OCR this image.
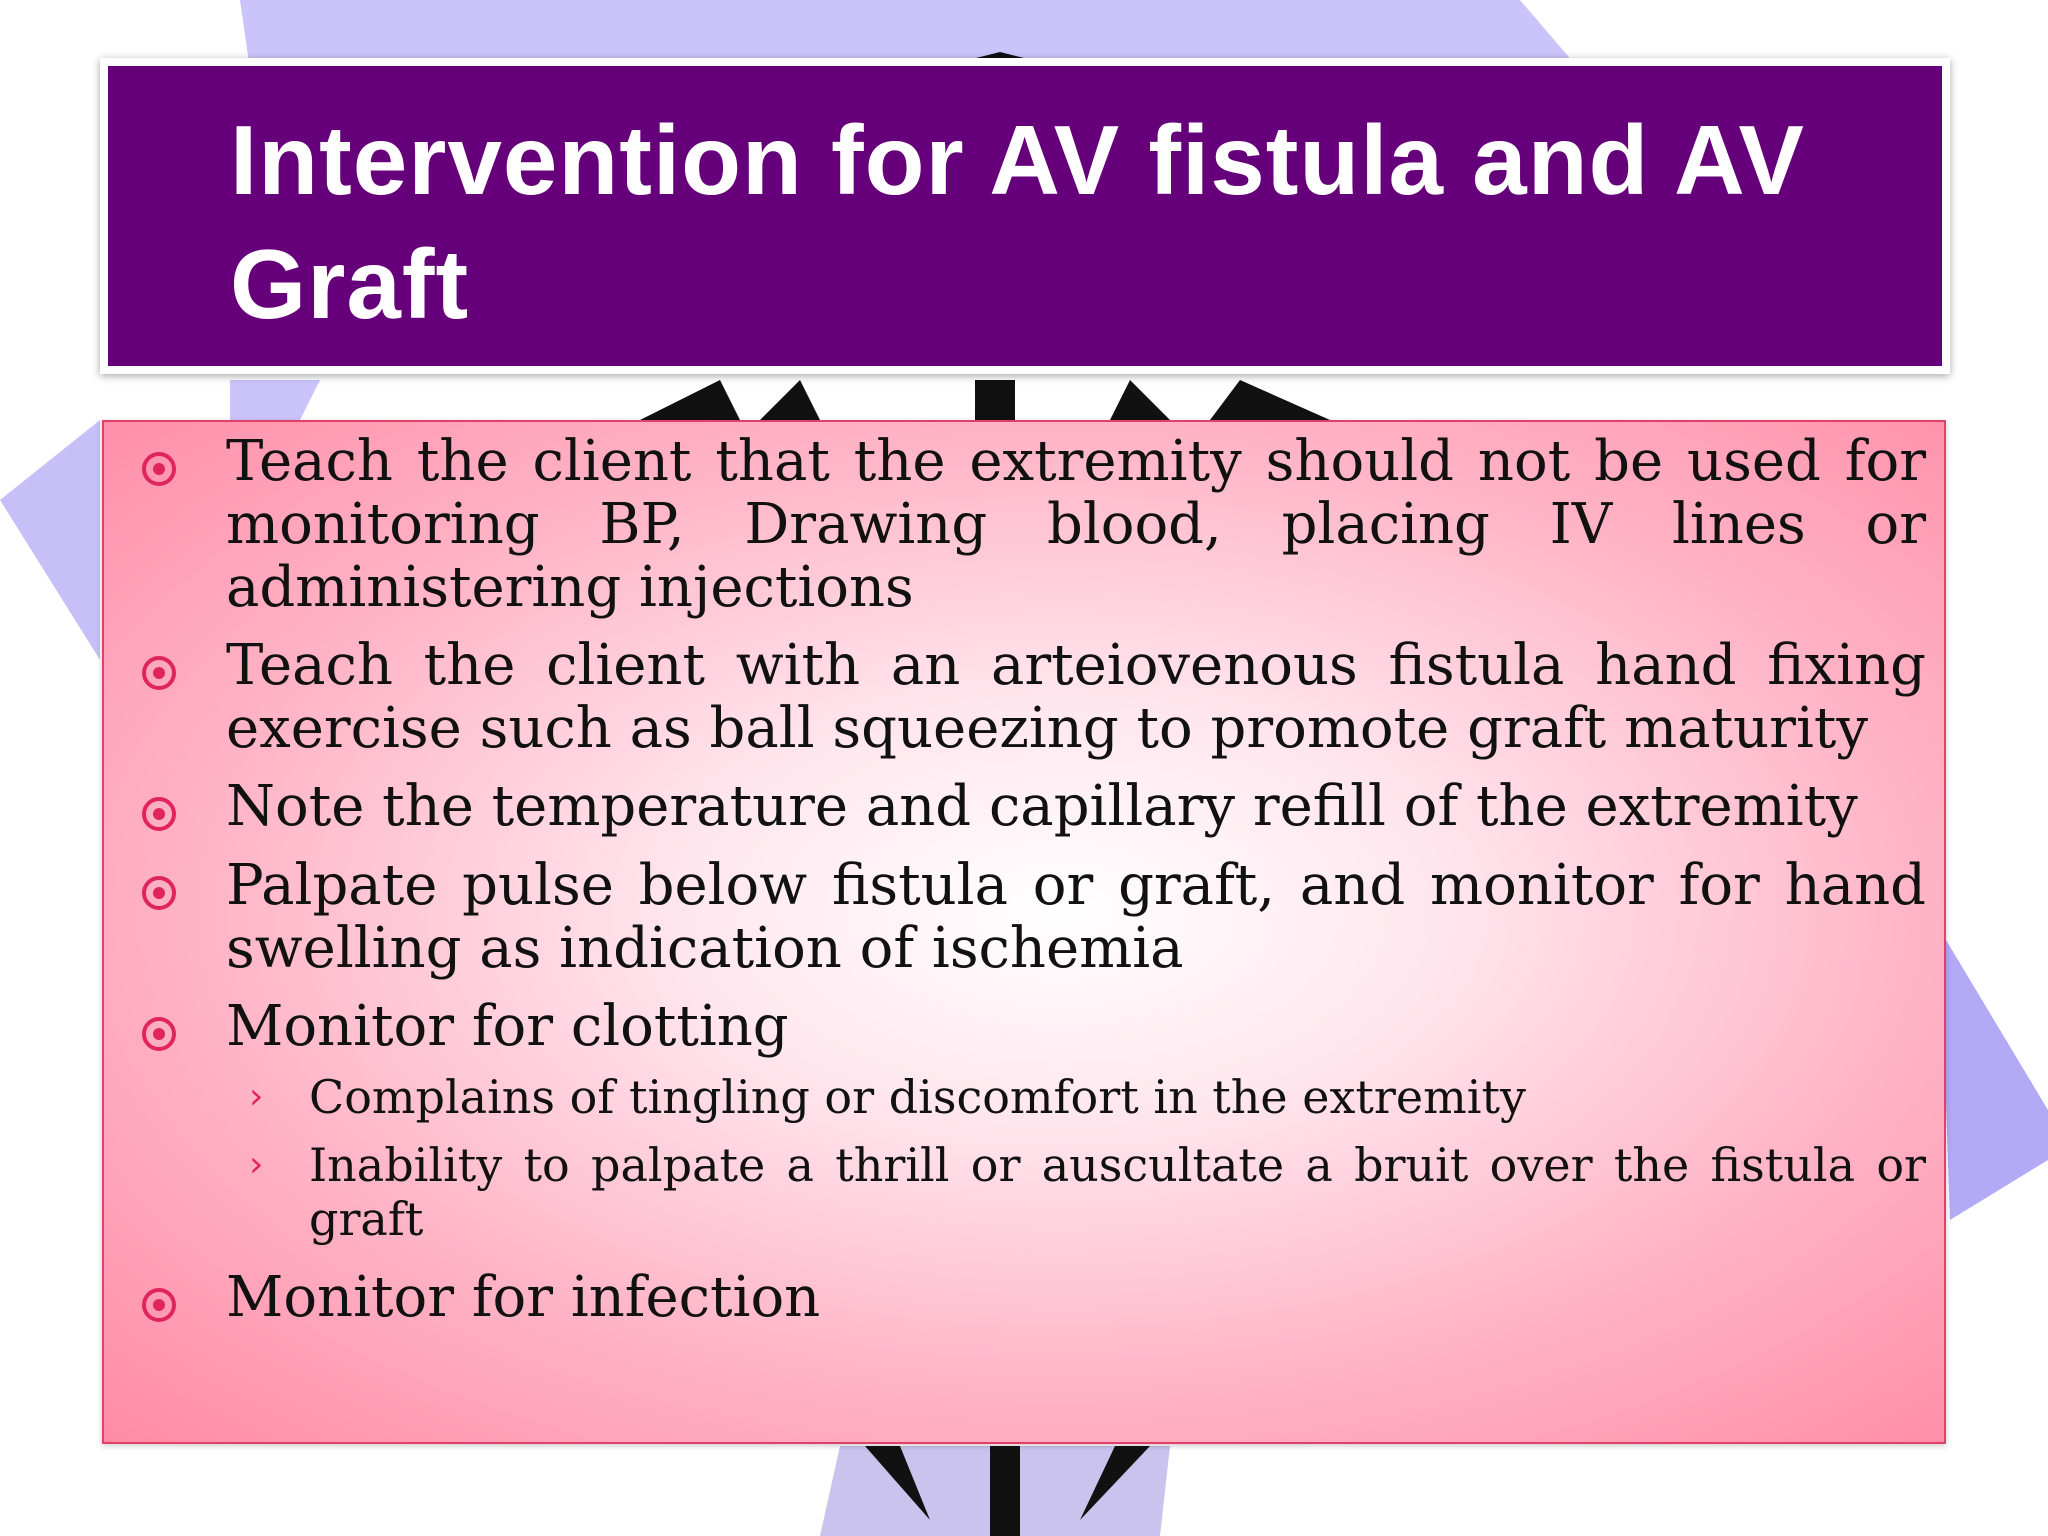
Intervention for AV fistula and AV Graft
Teach the client that the extremity should not be used for monitoring BP, Drawing blood, placing IV lines or administering injections
Teach the client with an arteiovenous fistula hand fixing exercise such as ball squeezing to promote graft maturity
Note the temperature and capillary refill of the extremity
Palpate pulse below fistula or graft, and monitor for hand swelling as indication of ischemia
Monitor for clotting
› Complains of tingling or discomfort in the extremity
› Inability to palpate a thrill or auscultate a bruit over the fistula or graft
Monitor for infection
